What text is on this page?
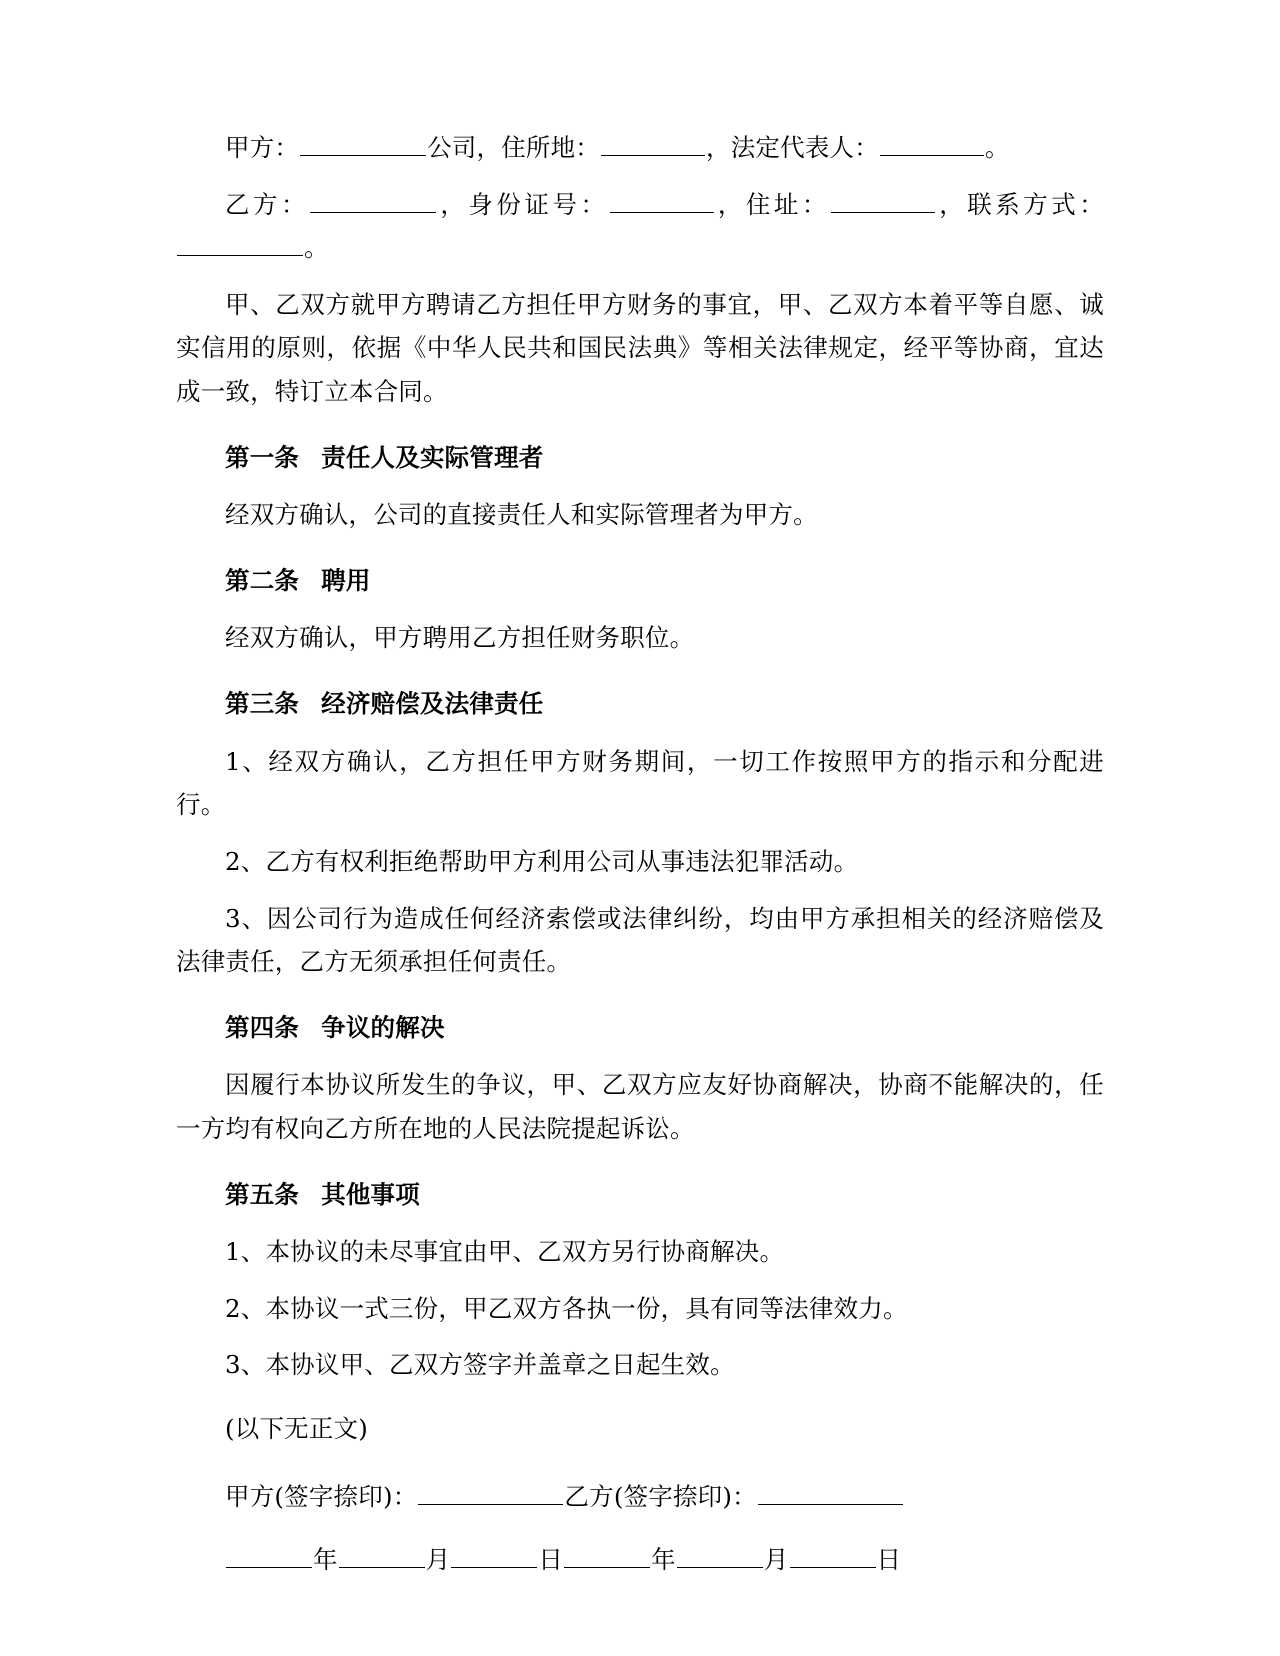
甲方：	公司，住所地：	，法定代表人：	。

乙方：	，身份证号：	，住址：	，联系方式：。

甲、乙双方就甲方聘请乙方担任甲方财务的事宜，甲、乙双方本着平等自愿、诚实信用的原则，依据《中华人民共和国民法典》等相关法律规定，经平等协商，宜达成一致，特订立本合同。

第一条 责任人及实际管理者

经双方确认，公司的直接责任人和实际管理者为甲方。

第二条 聘用

经双方确认，甲方聘用乙方担任财务职位。

第三条 经济赔偿及法律责任

1、经双方确认，乙方担任甲方财务期间，一切工作按照甲方的指示和分配进行。

2、乙方有权利拒绝帮助甲方利用公司从事违法犯罪活动。

3、因公司行为造成任何经济索偿或法律纠纷，均由甲方承担相关的经济赔偿及法律责任，乙方无须承担任何责任。

第四条 争议的解决

因履行本协议所发生的争议，甲、乙双方应友好协商解决，协商不能解决的，任一方均有权向乙方所在地的人民法院提起诉讼。

第五条 其他事项

1、本协议的未尽事宜由甲、乙双方另行协商解决。

2、本协议一式三份，甲乙双方各执一份，具有同等法律效力。

3、本协议甲、乙双方签字并盖章之日起生效。

(以下无正文)

甲方(签字捺印)：	乙方(签字捺印)：

年	月	日	年	月	日
